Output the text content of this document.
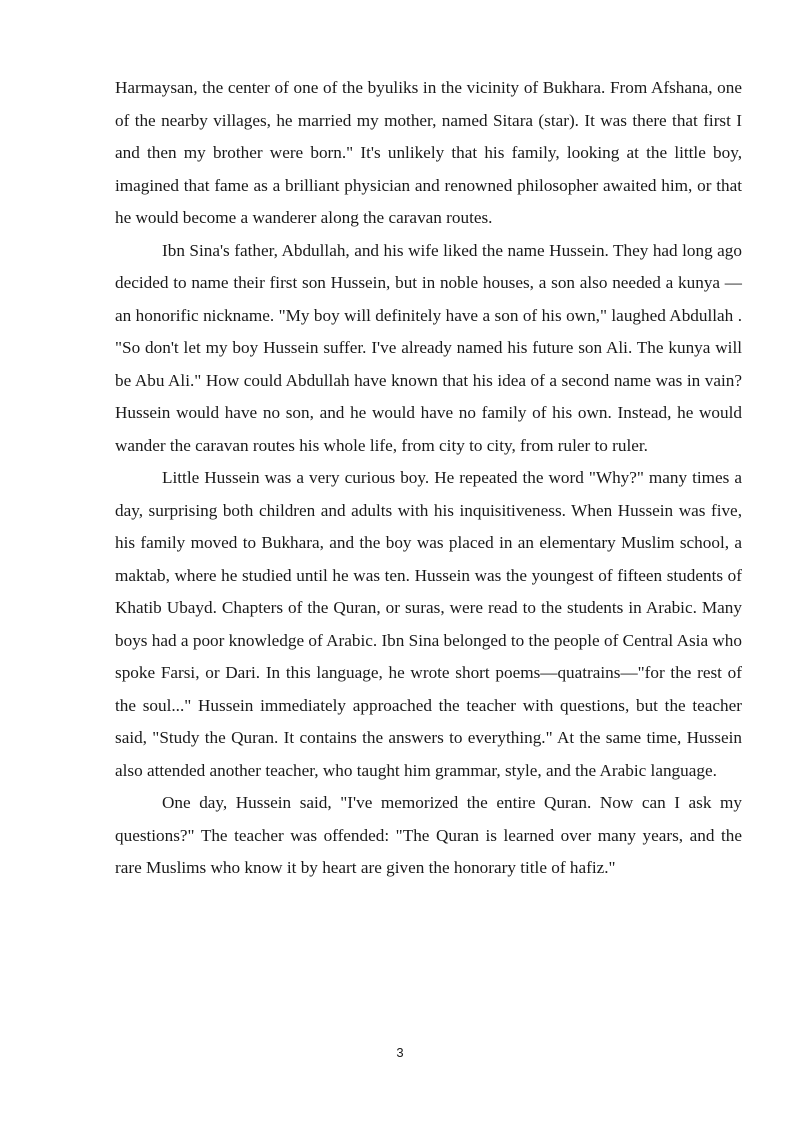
Harmaysan, the center of one of the byuliks in the vicinity of Bukhara. From Afshana, one of the nearby villages, he married my mother, named Sitara (star). It was there that first I and then my brother were born." It's unlikely that his family, looking at the little boy, imagined that fame as a brilliant physician and renowned philosopher awaited him, or that he would become a wanderer along the caravan routes.

Ibn Sina's father, Abdullah, and his wife liked the name Hussein. They had long ago decided to name their first son Hussein, but in noble houses, a son also needed a kunya —an honorific nickname. "My boy will definitely have a son of his own," laughed Abdullah . "So don't let my boy Hussein suffer. I've already named his future son Ali. The kunya will be Abu Ali." How could Abdullah have known that his idea of a second name was in vain? Hussein would have no son, and he would have no family of his own. Instead, he would wander the caravan routes his whole life, from city to city, from ruler to ruler.

Little Hussein was a very curious boy. He repeated the word "Why?" many times a day, surprising both children and adults with his inquisitiveness. When Hussein was five, his family moved to Bukhara, and the boy was placed in an elementary Muslim school, a maktab, where he studied until he was ten. Hussein was the youngest of fifteen students of Khatib Ubayd. Chapters of the Quran, or suras, were read to the students in Arabic. Many boys had a poor knowledge of Arabic. Ibn Sina belonged to the people of Central Asia who spoke Farsi, or Dari. In this language, he wrote short poems—quatrains—"for the rest of the soul..." Hussein immediately approached the teacher with questions, but the teacher said, "Study the Quran. It contains the answers to everything." At the same time, Hussein also attended another teacher, who taught him grammar, style, and the Arabic language.

One day, Hussein said, "I've memorized the entire Quran. Now can I ask my questions?" The teacher was offended: "The Quran is learned over many years, and the rare Muslims who know it by heart are given the honorary title of hafiz."

3
